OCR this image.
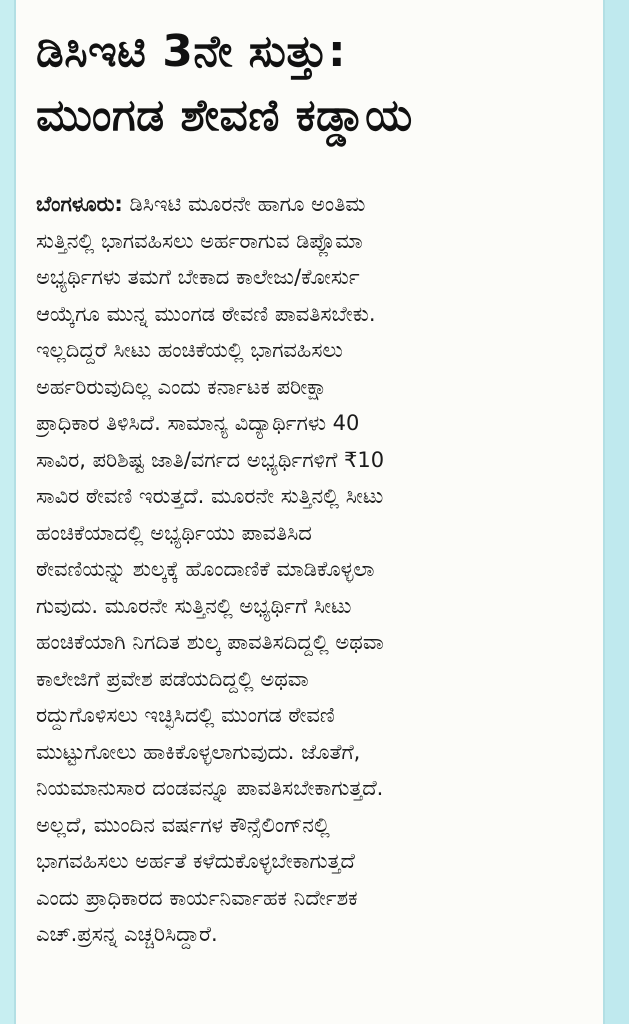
ಡಿಸಿಇಟಿ 3ನೇ ಸುತ್ತು:
ಮುಂಗಡ ಶೇವಣಿ ಕಡ್ಡಾಯ
ಬೆಂಗಳೂರು: ಡಿಸಿಇಟಿ ಮೂರನೇ ಹಾಗೂ ಅಂತಿಮ
ಸುತ್ತಿನಲ್ಲಿ ಭಾಗವಹಿಸಲು ಅರ್ಹರಾಗುವ ಡಿಪ್ಲೊಮಾ
ಅಭ್ಯರ್ಥಿಗಳು ತಮಗೆ ಬೇಕಾದ ಕಾಲೇಜು/ಕೋರ್ಸು
ಆಯ್ಕೆಗೂ ಮುನ್ನ ಮುಂಗಡ ಠೇವಣಿ ಪಾವತಿಸಬೇಕು.
ಇಲ್ಲದಿದ್ದರೆ ಸೀಟು ಹಂಚಿಕೆಯಲ್ಲಿ ಭಾಗವಹಿಸಲು
ಅರ್ಹರಿರುವುದಿಲ್ಲ ಎಂದು ಕರ್ನಾಟಕ ಪರೀಕ್ಷಾ
ಪ್ರಾಧಿಕಾರ ತಿಳಿಸಿದೆ. ಸಾಮಾನ್ಯ ವಿದ್ಯಾರ್ಥಿಗಳು 40
ಸಾವಿರ, ಪರಿಶಿಷ್ಟ ಜಾತಿ/ವರ್ಗದ ಅಭ್ಯರ್ಥಿಗಳಿಗೆ ₹10
ಸಾವಿರ ಠೇವಣಿ ಇರುತ್ತದೆ. ಮೂರನೇ ಸುತ್ತಿನಲ್ಲಿ ಸೀಟು
ಹಂಚಿಕೆಯಾದಲ್ಲಿ ಅಭ್ಯರ್ಥಿಯು ಪಾವತಿಸಿದ
ಠೇವಣಿಯನ್ನು ಶುಲ್ಕಕ್ಕೆ ಹೊಂದಾಣಿಕೆ ಮಾಡಿಕೊಳ್ಳಲಾ
ಗುವುದು. ಮೂರನೇ ಸುತ್ತಿನಲ್ಲಿ ಅಭ್ಯರ್ಥಿಗೆ ಸೀಟು
ಹಂಚಿಕೆಯಾಗಿ ನಿಗದಿತ ಶುಲ್ಕ ಪಾವತಿಸದಿದ್ದಲ್ಲಿ ಅಥವಾ
ಕಾಲೇಜಿಗೆ ಪ್ರವೇಶ ಪಡೆಯದಿದ್ದಲ್ಲಿ ಅಥವಾ
ರದ್ದುಗೊಳಿಸಲು ಇಚ್ಛಿಸಿದಲ್ಲಿ ಮುಂಗಡ ಠೇವಣಿ
ಮುಟ್ಟುಗೋಲು ಹಾಕಿಕೊಳ್ಳಲಾಗುವುದು. ಜೊತೆಗೆ,
ನಿಯಮಾನುಸಾರ ದಂಡವನ್ನೂ ಪಾವತಿಸಬೇಕಾಗುತ್ತದೆ.
ಅಲ್ಲದೆ, ಮುಂದಿನ ವರ್ಷಗಳ ಕೌನ್ಸೆಲಿಂಗ್‌ನಲ್ಲಿ
ಭಾಗವಹಿಸಲು ಅರ್ಹತೆ ಕಳೆದುಕೊಳ್ಳಬೇಕಾಗುತ್ತದೆ
ಎಂದು ಪ್ರಾಧಿಕಾರದ ಕಾರ್ಯನಿರ್ವಾಹಕ ನಿರ್ದೇಶಕ
ಎಚ್.ಪ್ರಸನ್ನ ಎಚ್ಚರಿಸಿದ್ದಾರೆ.
